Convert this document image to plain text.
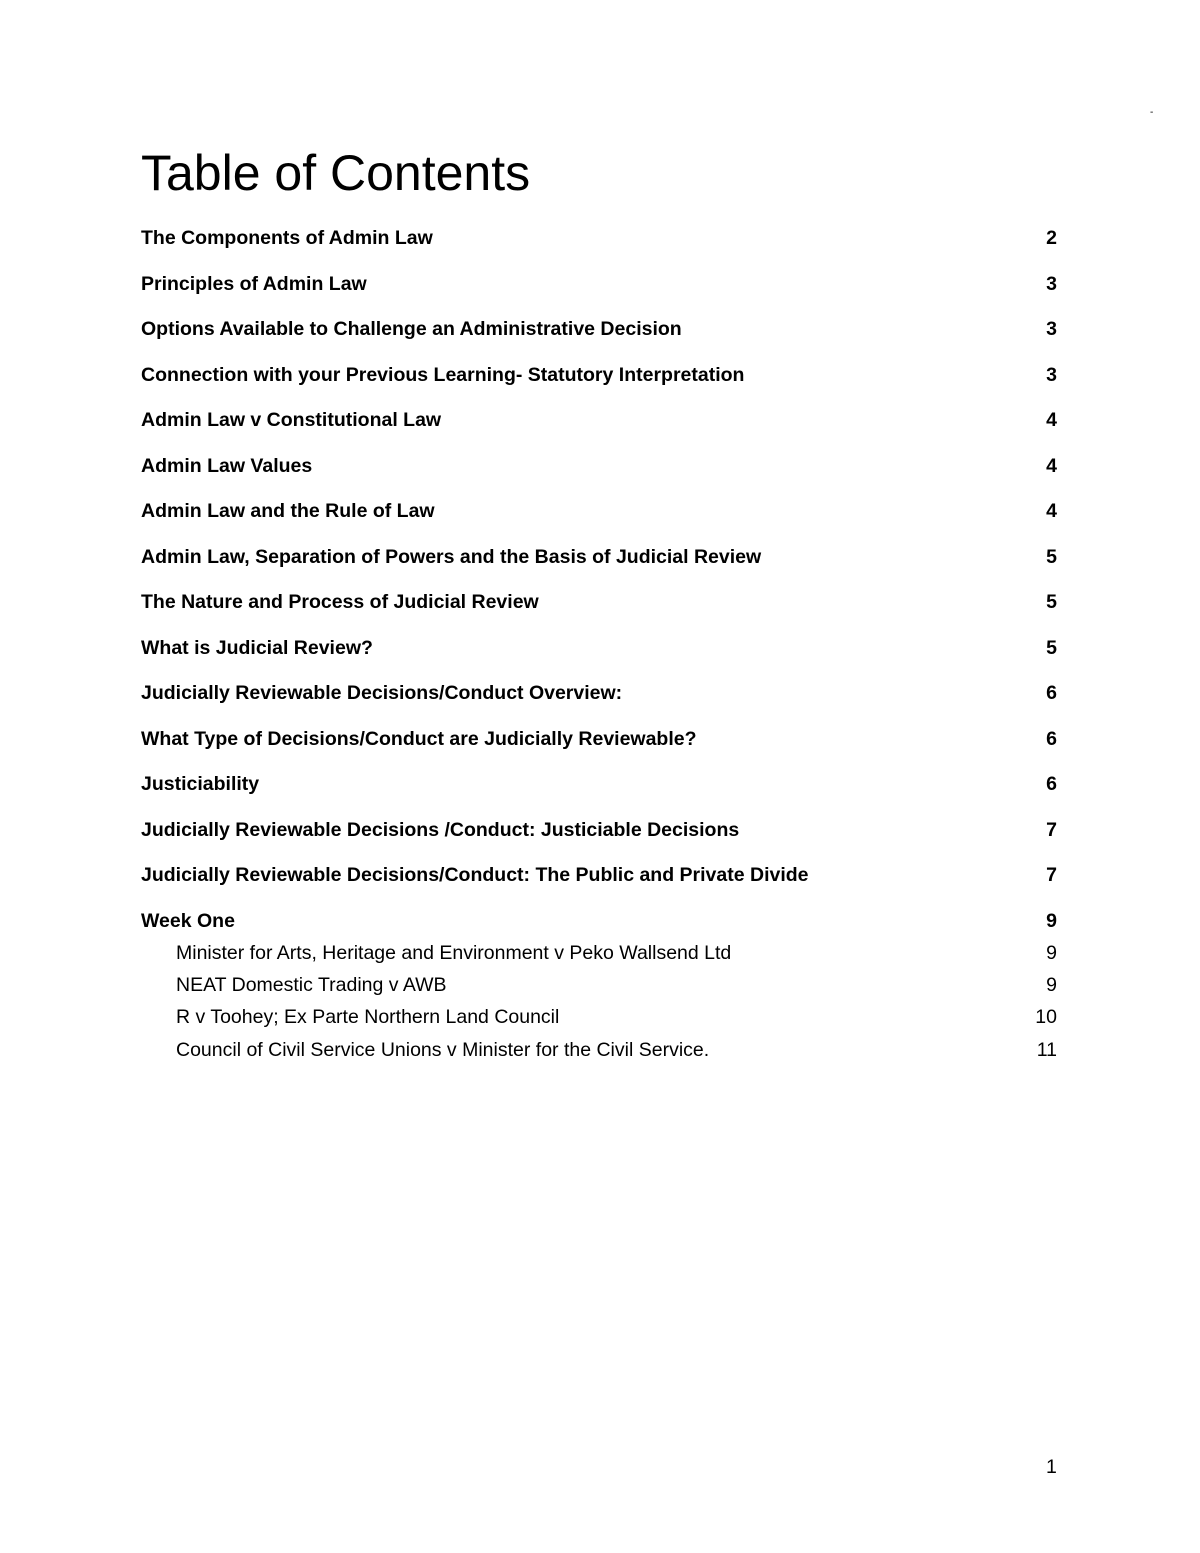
-
Table of Contents
The Components of Admin Law	2
Principles of Admin Law	3
Options Available to Challenge an Administrative Decision	3
Connection with your Previous Learning- Statutory Interpretation	3
Admin Law v Constitutional Law	4
Admin Law Values	4
Admin Law and the Rule of Law	4
Admin Law, Separation of Powers and the Basis of Judicial Review	5
The Nature and Process of Judicial Review	5
What is Judicial Review?	5
Judicially Reviewable Decisions/Conduct Overview:	6
What Type of Decisions/Conduct are Judicially Reviewable?	6
Justiciability	6
Judicially Reviewable Decisions /Conduct: Justiciable Decisions	7
Judicially Reviewable Decisions/Conduct: The Public and Private Divide	7
Week One	9
Minister for Arts, Heritage and Environment v Peko Wallsend Ltd	9
NEAT Domestic Trading v AWB	9
R v Toohey; Ex Parte Northern Land Council	10
Council of Civil Service Unions v Minister for the Civil Service.	11
1
